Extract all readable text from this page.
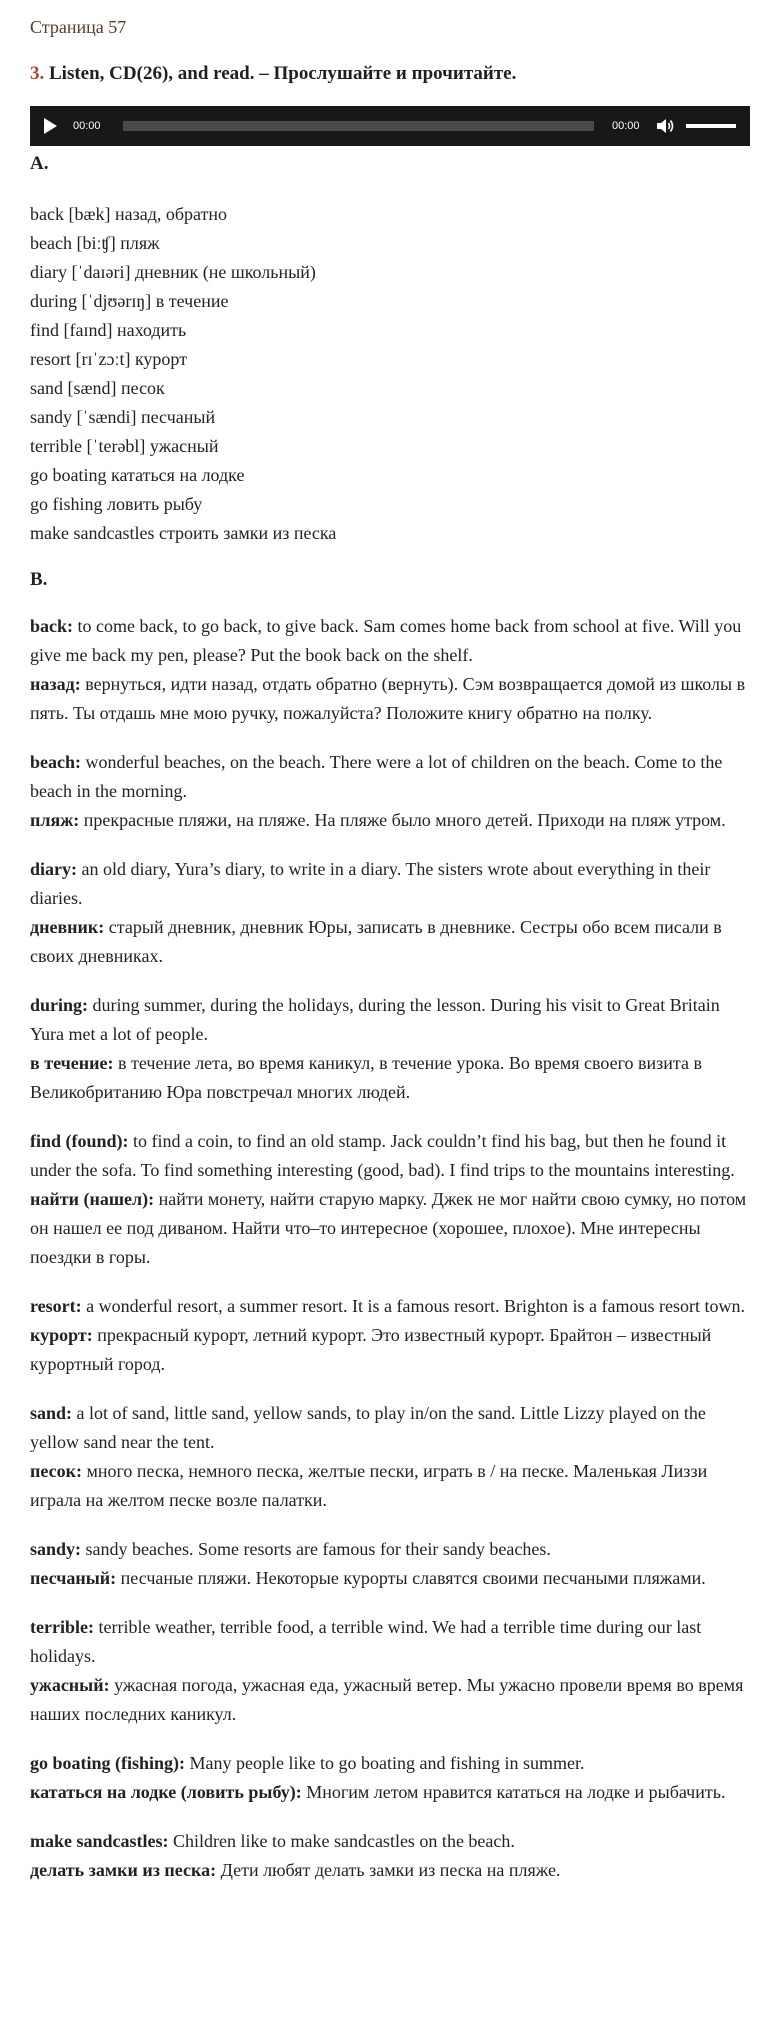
Страница 57
3. Listen, CD(26), and read. – Прослушайте и прочитайте.
00:00	00:00
A.
back [bæk] назад, обратно
beach [biːʧ] пляж
diary [ˈdaɪəri] дневник (не школьный)
during [ˈdjʊərɪŋ] в течение
find [faɪnd] находить
resort [rɪˈzɔːt] курорт
sand [sænd] песок
sandy [ˈsændi] песчаный
terrible [ˈterəbl] ужасный
go boating кататься на лодке
go fishing ловить рыбу
make sandcastles строить замки из песка
B.

back: to come back, to go back, to give back. Sam comes home back from school at five. Will you give me back my pen, please? Put the book back on the shelf.

назад: вернуться, идти назад, отдать обратно (вернуть). Сэм возвращается домой из школы в пять. Ты отдашь мне мою ручку, пожалуйста? Положите книгу обратно на полку.

beach: wonderful beaches, on the beach. There were a lot of children on the beach. Come to the beach in the morning.

пляж: прекрасные пляжи, на пляже. На пляже было много детей. Приходи на пляж утром.

diary: an old diary, Yura’s diary, to write in a diary. The sisters wrote about everything in their diaries.

дневник: старый дневник, дневник Юры, записать в дневнике. Сестры обо всем писали в своих дневниках.

during: during summer, during the holidays, during the lesson. During his visit to Great Britain Yura met a lot of people.

в течение: в течение лета, во время каникул, в течение урока. Во время своего визита в Великобританию Юра повстречал многих людей.

find (found): to find a coin, to find an old stamp. Jack couldn’t find his bag, but then he found it under the sofa. To find something interesting (good, bad). I find trips to the mountains interesting.

найти (нашел): найти монету, найти старую марку. Джек не мог найти свою сумку, но потом он нашел ее под диваном. Найти что–то интересное (хорошее, плохое). Мне интересны поездки в горы.

resort: a wonderful resort, a summer resort. It is a famous resort. Brighton is a famous resort town.

курорт: прекрасный курорт, летний курорт. Это известный курорт. Брайтон – известный курортный город.

sand: a lot of sand, little sand, yellow sands, to play in/on the sand. Little Lizzy played on the yellow sand near the tent.

песок: много песка, немного песка, желтые пески, играть в / на песке. Маленькая Лиззи играла на желтом песке возле палатки.

sandy: sandy beaches. Some resorts are famous for their sandy beaches.

песчаный: песчаные пляжи. Некоторые курорты славятся своими песчаными пляжами.

terrible: terrible weather, terrible food, a terrible wind. We had a terrible time during our last holidays.

ужасный: ужасная погода, ужасная еда, ужасный ветер. Мы ужасно провели время во время наших последних каникул.

go boating (fishing): Many people like to go boating and fishing in summer.

кататься на лодке (ловить рыбу): Многим летом нравится кататься на лодке и рыбачить.

make sandcastles: Children like to make sandcastles on the beach.

делать замки из песка: Дети любят делать замки из песка на пляже.
